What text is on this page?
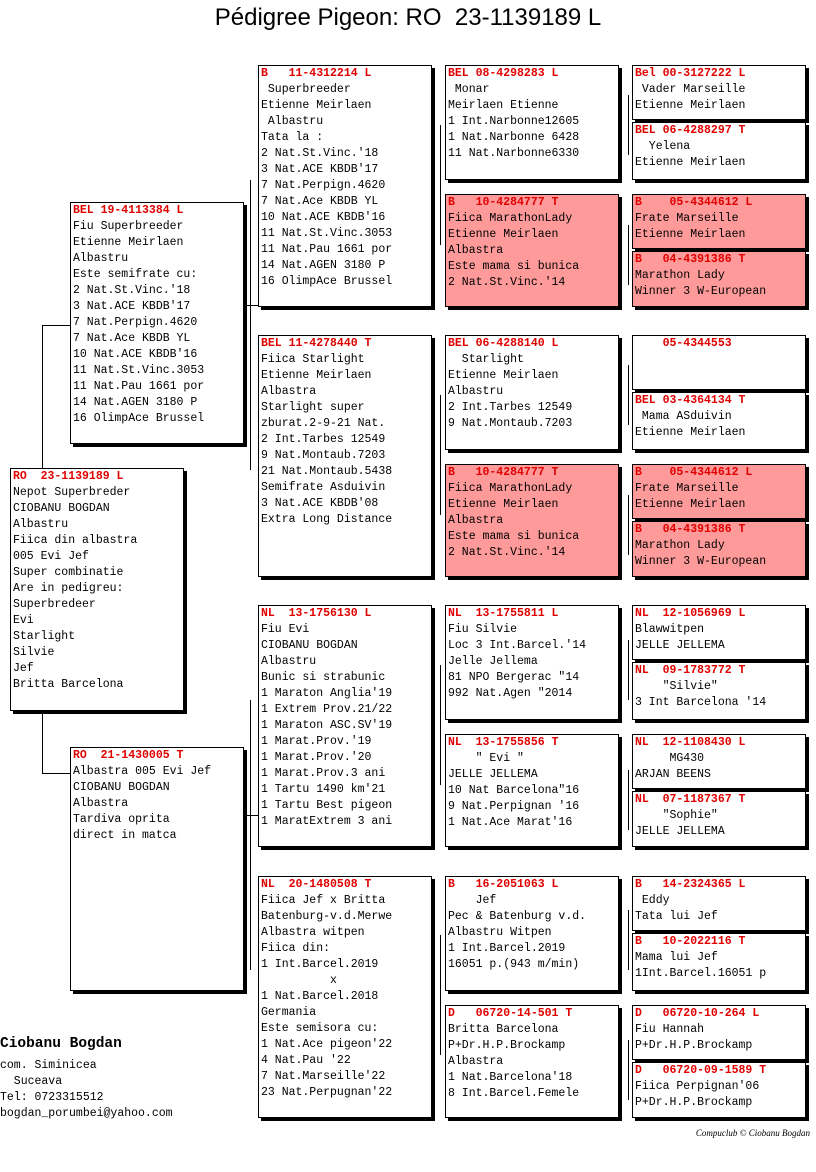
Pédigree Pigeon: RO  23-1139189 L
RO  23-1139189 L
Nepot Superbreder
CIOBANU BOGDAN
Albastru
Fiica din albastra
005 Evi Jef
Super combinatie
Are in pedigreu:
Superbredeer
Evi
Starlight
Silvie
Jef
Britta Barcelona
BEL 19-4113384 L
Fiu Superbreeder
Etienne Meirlaen
Albastru
Este semifrate cu:
2 Nat.St.Vinc.'18
3 Nat.ACE KBDB'17
7 Nat.Perpign.4620
7 Nat.Ace KBDB YL
10 Nat.ACE KBDB'16
11 Nat.St.Vinc.3053
11 Nat.Pau 1661 por
14 Nat.AGEN 3180 P
16 OlimpAce Brussel
RO  21-1430005 T
Albastra 005 Evi Jef
CIOBANU BOGDAN
Albastra
Tardiva oprita
direct in matca
B   11-4312214 L
Superbreeder
Etienne Meirlaen
Albastru
Tata la :
2 Nat.St.Vinc.'18
3 Nat.ACE KBDB'17
7 Nat.Perpign.4620
7 Nat.Ace KBDB YL
10 Nat.ACE KBDB'16
11 Nat.St.Vinc.3053
11 Nat.Pau 1661 por
14 Nat.AGEN 3180 P
16 OlimpAce Brussel
BEL 11-4278440 T
Fiica Starlight
Etienne Meirlaen
Albastra
Starlight super
zburat.2-9-21 Nat.
2 Int.Tarbes 12549
9 Nat.Montaub.7203
21 Nat.Montaub.5438
Semifrate Asduivin
3 Nat.ACE KBDB'08
Extra Long Distance
NL  13-1756130 L
Fiu Evi
CIOBANU BOGDAN
Albastru
Bunic si strabunic
1 Maraton Anglia'19
1 Extrem Prov.21/22
1 Maraton ASC.SV'19
1 Marat.Prov.'19
1 Marat.Prov.'20
1 Marat.Prov.3 ani
1 Tartu 1490 km'21
1 Tartu Best pigeon
1 MaratExtrem 3 ani
NL  20-1480508 T
Fiica Jef x Britta
Batenburg-v.d.Merwe
Albastra witpen
Fiica din:
1 Int.Barcel.2019
x
1 Nat.Barcel.2018
Germania
Este semisora cu:
1 Nat.Ace pigeon'22
4 Nat.Pau '22
7 Nat.Marseille'22
23 Nat.Perpugnan'22
BEL 08-4298283 L
Monar
Meirlaen Etienne
1 Int.Narbonne12605
1 Nat.Narbonne 6428
11 Nat.Narbonne6330
B   10-4284777 T
Fiica MarathonLady
Etienne Meirlaen
Albastra
Este mama si bunica
2 Nat.St.Vinc.'14
BEL 06-4288140 L
Starlight
Etienne Meirlaen
Albastru
2 Int.Tarbes 12549
9 Nat.Montaub.7203
B   10-4284777 T
Fiica MarathonLady
Etienne Meirlaen
Albastra
Este mama si bunica
2 Nat.St.Vinc.'14
NL  13-1755811 L
Fiu Silvie
Loc 3 Int.Barcel.'14
Jelle Jellema
81 NPO Bergerac "14
992 Nat.Agen "2014
NL  13-1755856 T
" Evi "
JELLE JELLEMA
10 Nat Barcelona"16
9 Nat.Perpignan '16
1 Nat.Ace Marat'16
B   16-2051063 L
Jef
Pec & Batenburg v.d.
Albastru Witpen
1 Int.Barcel.2019
16051 p.(943 m/min)
D   06720-14-501 T
Britta Barcelona
P+Dr.H.P.Brockamp
Albastra
1 Nat.Barcelona'18
8 Int.Barcel.Femele
Bel 00-3127222 L
Vader Marseille
Etienne Meirlaen
BEL 06-4288297 T
Yelena
Etienne Meirlaen
B    05-4344612 L
Frate Marseille
Etienne Meirlaen
B   04-4391386 T
Marathon Lady
Winner 3 W-European
05-4344553
BEL 03-4364134 T
Mama ASduivin
Etienne Meirlaen
B    05-4344612 L
Frate Marseille
Etienne Meirlaen
B   04-4391386 T
Marathon Lady
Winner 3 W-European
NL  12-1056969 L
Blawwitpen
JELLE JELLEMA
NL  09-1783772 T
"Silvie"
3 Int Barcelona '14
NL  12-1108430 L
MG430
ARJAN BEENS
NL  07-1187367 T
"Sophie"
JELLE JELLEMA
B   14-2324365 L
Eddy
Tata lui Jef
B   10-2022116 T
Mama lui Jef
1Int.Barcel.16051 p
D   06720-10-264 L
Fiu Hannah
P+Dr.H.P.Brockamp
D   06720-09-1589 T
Fiica Perpignan'06
P+Dr.H.P.Brockamp
Ciobanu Bogdan
com. Siminicea
Suceava
Tel: 0723315512
bogdan_porumbei@yahoo.com
Compuclub © Ciobanu Bogdan
